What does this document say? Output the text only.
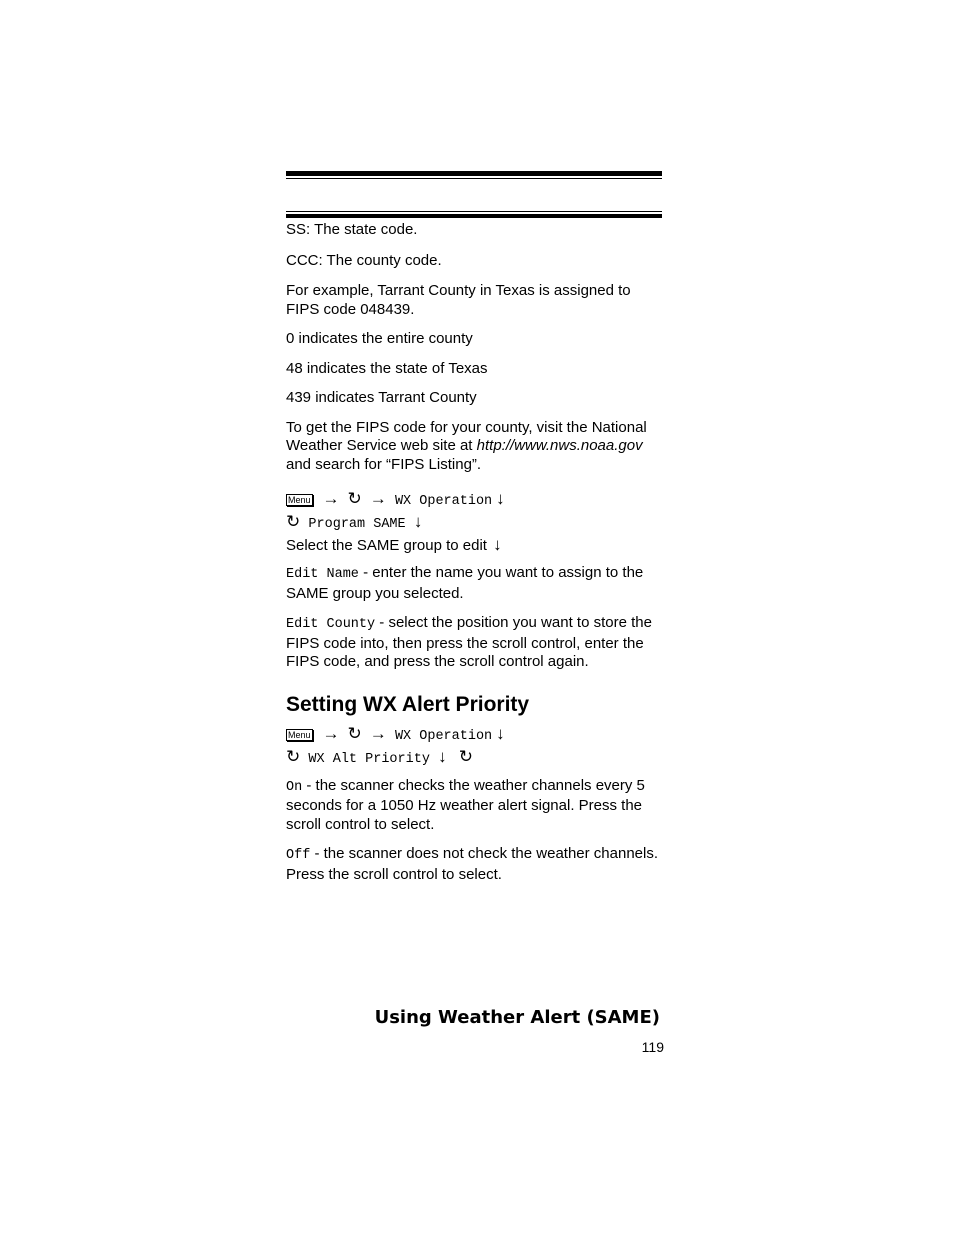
SS: The state code.

CCC: The county code.

For example, Tarrant County in Texas is assigned to FIPS code 048439.

0 indicates the entire county

48 indicates the state of Texas

439 indicates Tarrant County

To get the FIPS code for your county, visit the National Weather Service web site at http://www.nws.noaa.gov and search for “FIPS Listing”.

Menu → ↻ → WX Operation ↓
↻ Program SAME ↓
Select the SAME group to edit ↓

Edit Name - enter the name you want to assign to the SAME group you selected.

Edit County - select the position you want to store the FIPS code into, then press the scroll control, enter the FIPS code, and press the scroll control again.

Setting WX Alert Priority
Menu → ↻ → WX Operation ↓
↻ WX Alt Priority ↓ ↻

On - the scanner checks the weather channels every 5 seconds for a 1050 Hz weather alert signal. Press the scroll control to select.

Off - the scanner does not check the weather channels. Press the scroll control to select.

Using Weather Alert (SAME)
119
